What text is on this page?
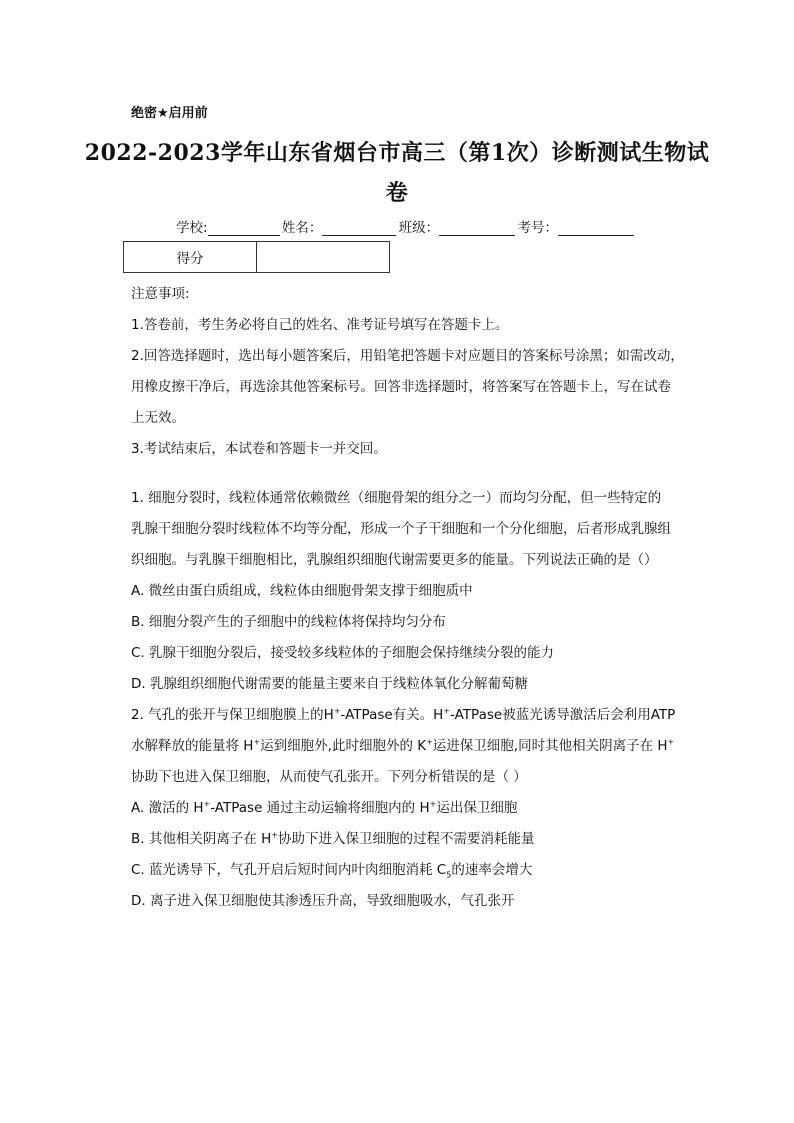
绝密★启用前
2022-2023学年山东省烟台市高三（第1次）诊断测试生物试
卷
学校:	姓名：	班级：	考号：
得分	
注意事项:
1.答卷前，考生务必将自己的姓名、准考证号填写在答题卡上。
2.回答选择题时，选出每小题答案后，用铅笔把答题卡对应题目的答案标号涂黑；如需改动，
用橡皮擦干净后，再选涂其他答案标号。回答非选择题时，将答案写在答题卡上，写在试卷
上无效。
3.考试结束后，本试卷和答题卡一并交回。
1. 细胞分裂时，线粒体通常依赖微丝（细胞骨架的组分之一）而均匀分配，但一些特定的
乳腺干细胞分裂时线粒体不均等分配，形成一个子干细胞和一个分化细胞，后者形成乳腺组
织细胞。与乳腺干细胞相比，乳腺组织细胞代谢需要更多的能量。下列说法正确的是（）
A. 微丝由蛋白质组成，线粒体由细胞骨架支撑于细胞质中
B. 细胞分裂产生的子细胞中的线粒体将保持均匀分布
C. 乳腺干细胞分裂后，接受较多线粒体的子细胞会保持继续分裂的能力
D. 乳腺组织细胞代谢需要的能量主要来自于线粒体氧化分解葡萄糖
2. 气孔的张开与保卫细胞膜上的H+-ATPase有关。H+-ATPase被蓝光诱导激活后会利用ATP
水解释放的能量将 H+运到细胞外,此时细胞外的 K+运进保卫细胞,同时其他相关阴离子在 H+
协助下也进入保卫细胞，从而使气孔张开。下列分析错误的是（ ）
A. 激活的 H+-ATPase 通过主动运输将细胞内的 H+运出保卫细胞
B. 其他相关阴离子在 H+协助下进入保卫细胞的过程不需要消耗能量
C. 蓝光诱导下，气孔开启后短时间内叶肉细胞消耗 $C_5$的速率会增大
D. 离子进入保卫细胞使其渗透压升高，导致细胞吸水，气孔张开
